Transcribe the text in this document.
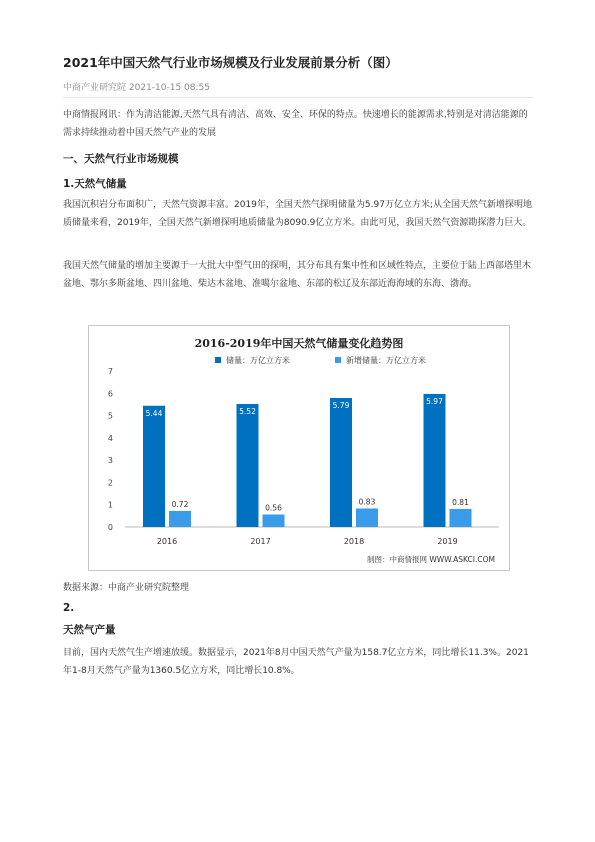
2021年中国天然气行业市场规模及行业发展前景分析（图）
中商产业研究院 2021-10-15 08:55
中商情报网讯：作为清洁能源,天然气具有清洁、高效、安全、环保的特点。快速增长的能源需求,特别是对清洁能源的需求持续推动着中国天然气产业的发展
一、天然气行业市场规模
1.天然气储量
我国沉积岩分布面积广，天然气资源丰富。2019年，全国天然气探明储量为5.97万亿立方米;从全国天然气新增探明地质储量来看，2019年，全国天然气新增探明地质储量为8090.9亿立方米。由此可见，我国天然气资源勘探潜力巨大。
我国天然气储量的增加主要源于一大批大中型气田的探明，其分布具有集中性和区域性特点，主要位于陆上西部塔里木盆地、鄂尔多斯盆地、四川盆地、柴达木盆地、准噶尔盆地、东部的松辽及东部近海海域的东海、渤海。
2016-2019年中国天然气储量变化趋势图
储量：万亿立方米	新增储量：万亿立方米
0
1
2
3
4
5
6
7
5.44
0.72
5.52
0.56
5.79
0.83
5.97
0.81
2016	2017	2018	2019
制图：中商情报网 WWW.ASKCI.COM
数据来源：中商产业研究院整理
2.
天然气产量
目前，国内天然气生产增速放缓。数据显示，2021年8月中国天然气产量为158.7亿立方米，同比增长11.3%。2021年1-8月天然气产量为1360.5亿立方米，同比增长10.8%。
